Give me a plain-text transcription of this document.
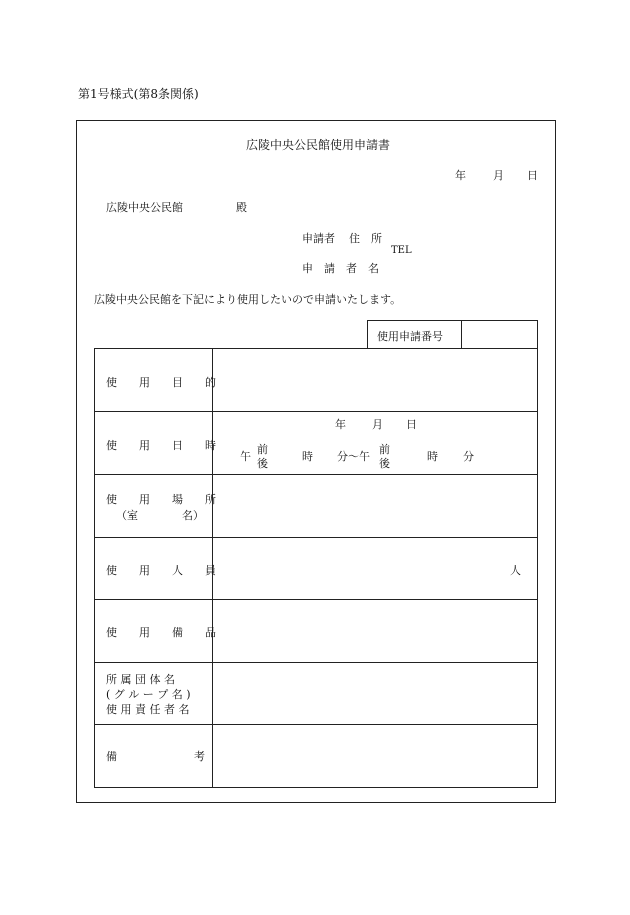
第1号様式(第8条関係)
広陵中央公民館使用申請書
年 月 日
広陵中央公民館	殿
申請者 住　所
TEL
申　請　者　名
広陵中央公民館を下記により使用したいので申請いたします。
使用申請番号
使　　用　　目　　的
使　　用　　日　　時
使　　用　　場　　所
（室　　　　名）
使　　用　　人　　員
使　　用　　備　　品
所 属 団 体 名
( グ ル ー プ 名 )
使 用 責 任 者 名
備　　　　　　　考
年 月 日
午
前
後
時 分〜午
前
後
時 分
人
